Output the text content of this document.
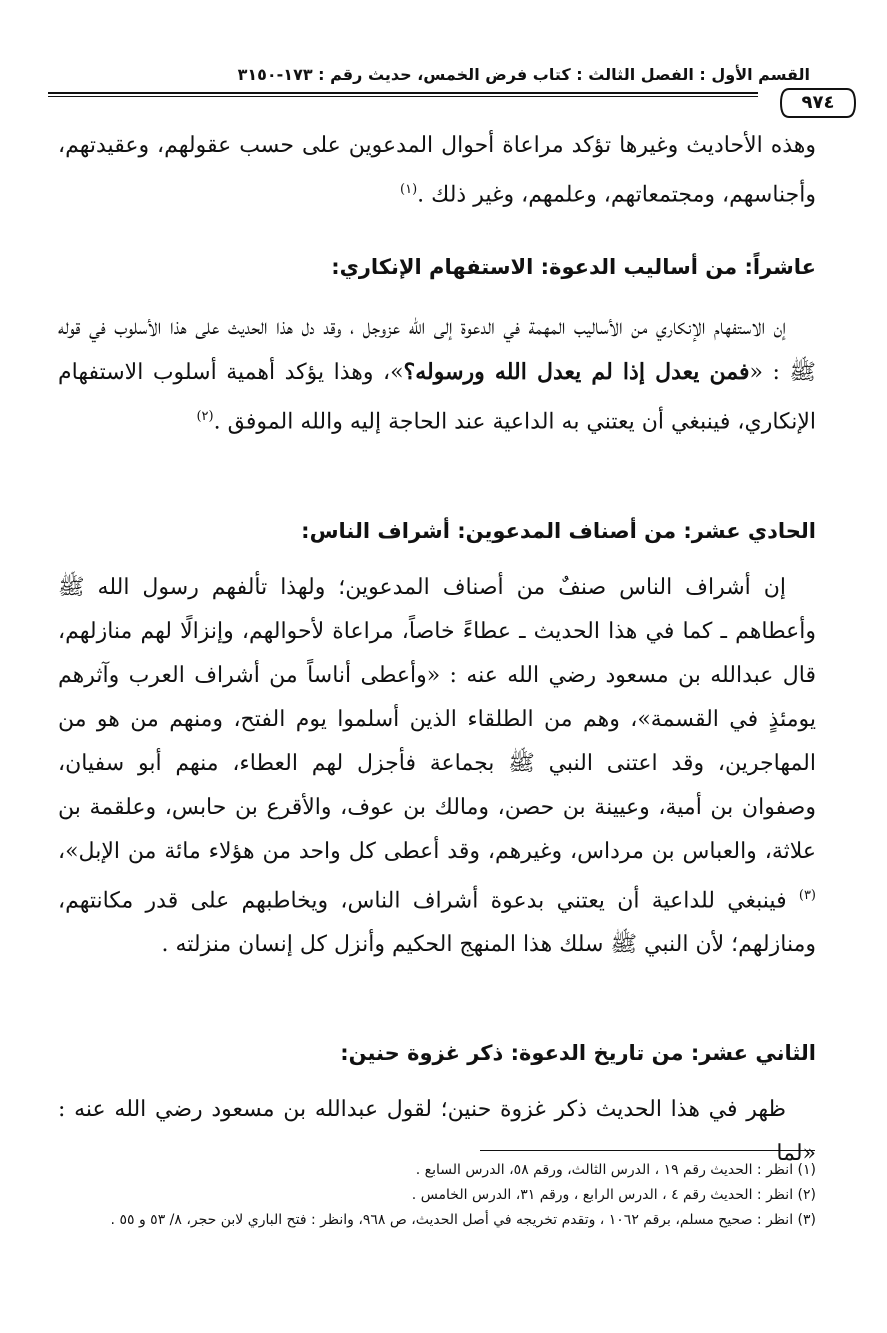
القسم الأول : الفصل الثالث : كتاب فرض الخمس، حديث رقم : ١٧٣-٣١٥٠
٩٧٤

وهذه الأحاديث وغيرها تؤكد مراعاة أحوال المدعوين على حسب عقولهم، وعقيدتهم، وأجناسهم، ومجتمعاتهم، وعلمهم، وغير ذلك .$^{(١)}$

عاشراً: من أساليب الدعوة: الاستفهام الإنكاري:

إن الاستفهام الإنكاري من الأساليب المهمة في الدعوة إلى الله عزوجل ، وقد دل هذا الحديث على هذا الأسلوب في قوله ﷺ : «فمن يعدل إذا لم يعدل الله ورسوله؟»، وهذا يؤكد أهمية أسلوب الاستفهام الإنكاري، فينبغي أن يعتني به الداعية عند الحاجة إليه والله الموفق .$^{(٢)}$

الحادي عشر: من أصناف المدعوين: أشراف الناس:

إن أشراف الناس صنفٌ من أصناف المدعوين؛ ولهذا تألفهم رسول الله ﷺ وأعطاهم ـ كما في هذا الحديث ـ عطاءً خاصاً، مراعاة لأحوالهم، وإنزالًا لهم منازلهم، قال عبدالله بن مسعود رضي الله عنه : «وأعطى أناساً من أشراف العرب وآثرهم يومئذٍ في القسمة»، وهم من الطلقاء الذين أسلموا يوم الفتح، ومنهم من هو من المهاجرين، وقد اعتنى النبي ﷺ بجماعة فأجزل لهم العطاء، منهم أبو سفيان، وصفوان بن أمية، وعيينة بن حصن، ومالك بن عوف، والأقرع بن حابس، وعلقمة بن علاثة، والعباس بن مرداس، وغيرهم، وقد أعطى كل واحد من هؤلاء مائة من الإبل»،$^{(٣)}$ فينبغي للداعية أن يعتني بدعوة أشراف الناس، ويخاطبهم على قدر مكانتهم، ومنازلهم؛ لأن النبي ﷺ سلك هذا المنهج الحكيم وأنزل كل إنسان منزلته .

الثاني عشر: من تاريخ الدعوة: ذكر غزوة حنين:

ظهر في هذا الحديث ذكر غزوة حنين؛ لقول عبدالله بن مسعود رضي الله عنه : «لما

(١) انظر : الحديث رقم ١٩ ، الدرس الثالث، ورقم ٥٨، الدرس السابع .
(٢) انظر : الحديث رقم ٤ ، الدرس الرابع ، ورقم ٣١، الدرس الخامس .
(٣) انظر : صحيح مسلم، برقم ١٠٦٢ ، وتقدم تخريجه في أصل الحديث، ص ٩٦٨، وانظر : فتح الباري لابن حجر، ٨/ ٥٣ و ٥٥ .
